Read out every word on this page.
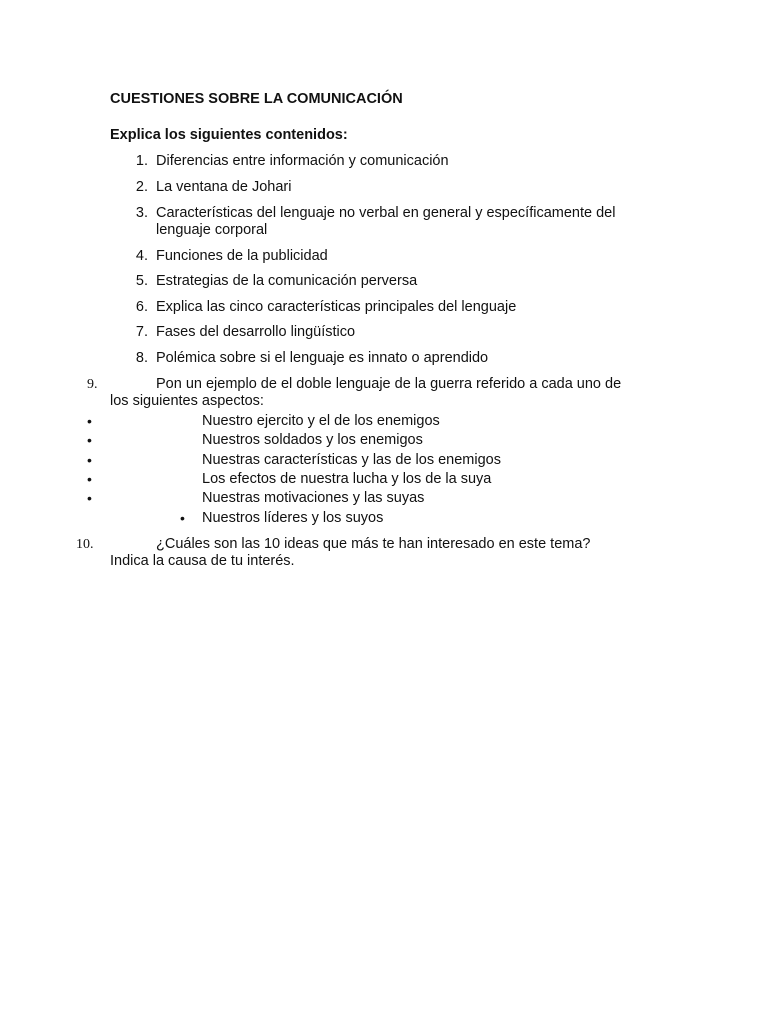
CUESTIONES SOBRE LA COMUNICACIÓN
Explica los siguientes contenidos:
1. Diferencias entre información y comunicación
2. La ventana de Johari
3. Características del lenguaje no verbal en general y específicamente del
lenguaje corporal
4. Funciones de la publicidad
5. Estrategias de la comunicación perversa
6. Explica las cinco características principales del lenguaje
7. Fases del desarrollo lingüístico
8. Polémica sobre si el lenguaje es innato o aprendido
9.	Pon un ejemplo de el doble lenguaje de la guerra referido a cada uno de
los siguientes aspectos:
•	Nuestro ejercito y el de los enemigos
•	Nuestros soldados y los enemigos
•	Nuestras características y las de los enemigos
•	Los efectos de nuestra lucha y los de la suya
•	Nuestras motivaciones y las suyas
• Nuestros líderes y los suyos
10.	¿Cuáles son las 10 ideas que más te han interesado en este tema?
Indica la causa de tu interés.
